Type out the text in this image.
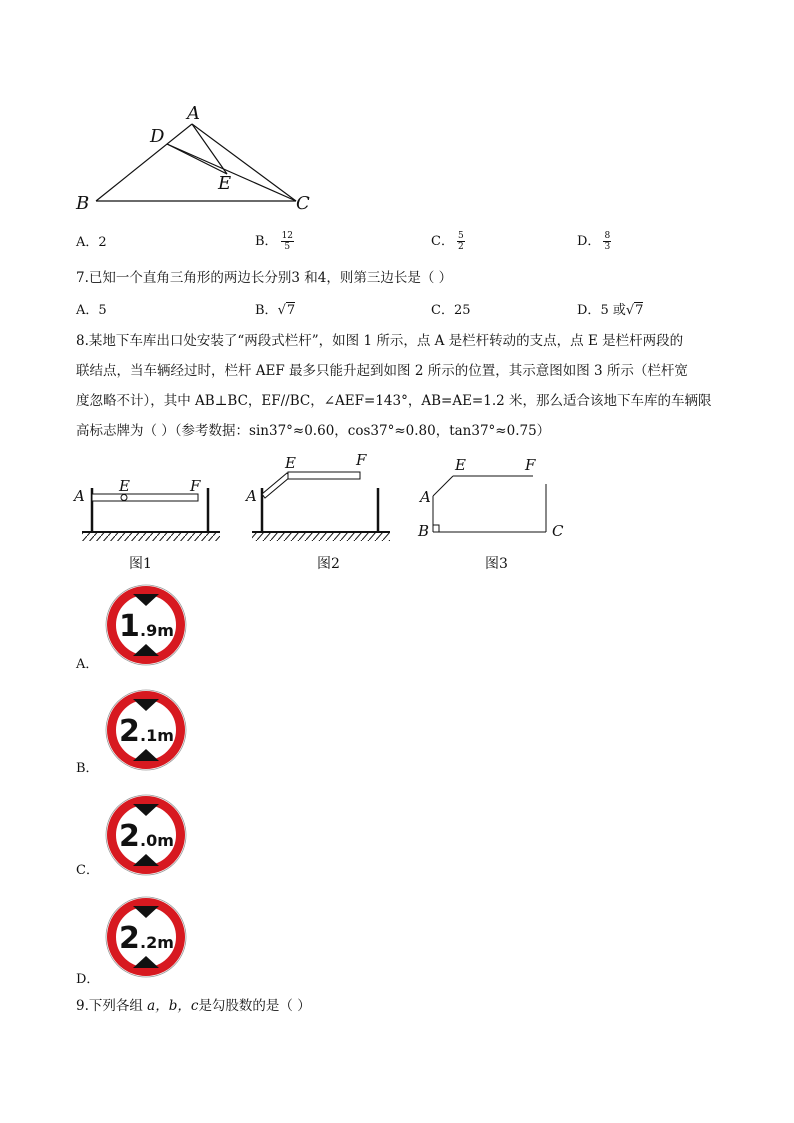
A
D
E
B	C
A．2	B． $\frac{12}{5}$	C． $\frac{5}{2}$	D． $\frac{8}{3}$
7.已知一个直角三角形的两边长分别3 和4，则第三边长是（ ）
A．5	B．√7	C．25	D．5 或√7
8.某地下车库出口处安装了“两段式栏杆”，如图 1 所示，点 A 是栏杆转动的支点，点 E 是栏杆两段的
联结点，当车辆经过时，栏杆 AEF 最多只能升起到如图 2 所示的位置，其示意图如图 3 所示（栏杆宽
度忽略不计），其中 AB⊥BC，EF//BC，∠AEF=143°，AB=AE=1.2 米，那么适合该地下车库的车辆限
高标志牌为（ ）（参考数据：sin37°≈0.60，cos37°≈0.80，tan37°≈0.75）
A
E	F
图1
A
E	F
图2
A
E	F
B	C
图3
A．
B．
C．
D．
1 .9m
2 .1m
2 .0m
2 .2m
9.下列各组 a，b，c是勾股数的是（ ）
